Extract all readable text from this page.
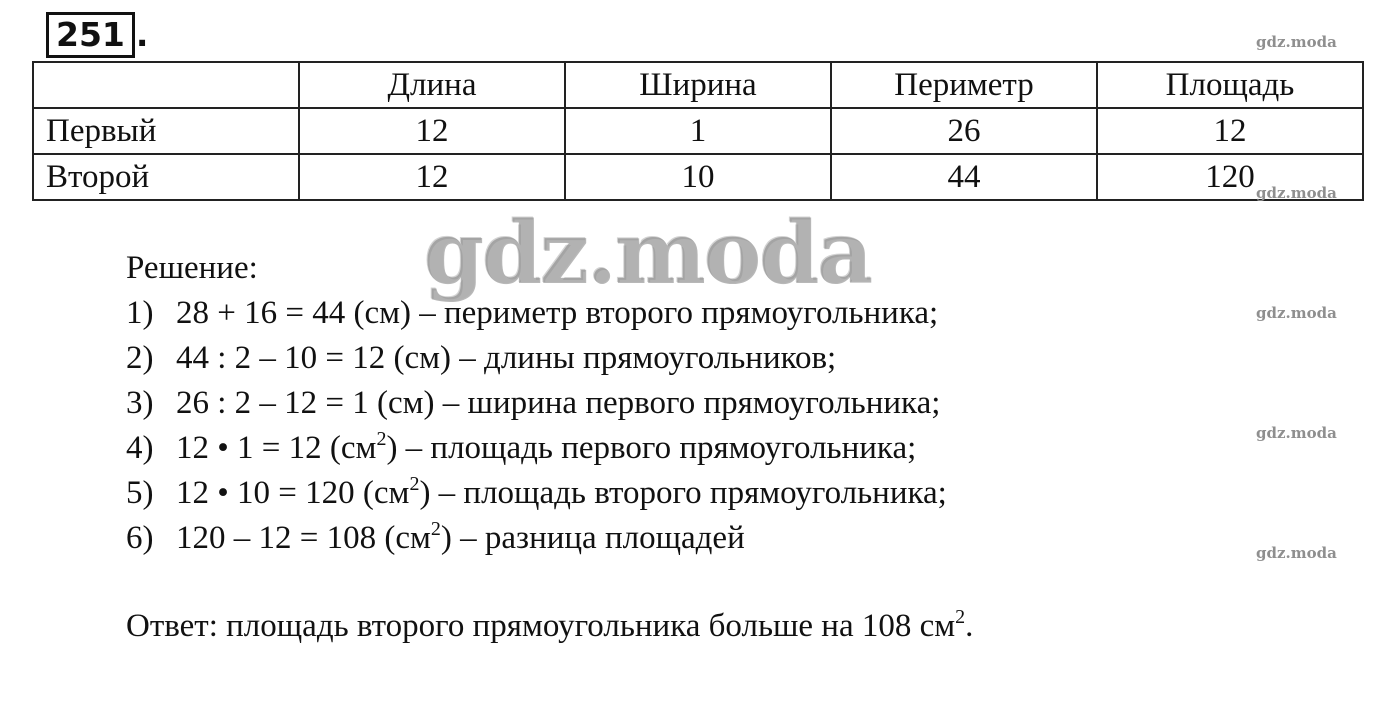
251 .
	Длина	Ширина	Периметр	Площадь
Первый	12	1	26	12
Второй	12	10	44	120
Решение:
1) 28 + 16 = 44 (см) – периметр второго прямоугольника;
2) 44 : 2 – 10 = 12 (см) – длины прямоугольников;
3) 26 : 2 – 12 = 1 (см) – ширина первого прямоугольника;
4) 12 • 1 = 12 $(см^2)$ – площадь первого прямоугольника;
5) 12 • 10 = 120 $(см^2)$ – площадь второго прямоугольника;
6) 120 – 12 = 108 $(см^2)$ – разница площадей
Ответ: площадь второго прямоугольника больше на 108 $см^2$.
gdz.moda
gdz.moda
gdz.moda
gdz.moda
gdz.moda
gdz.moda
